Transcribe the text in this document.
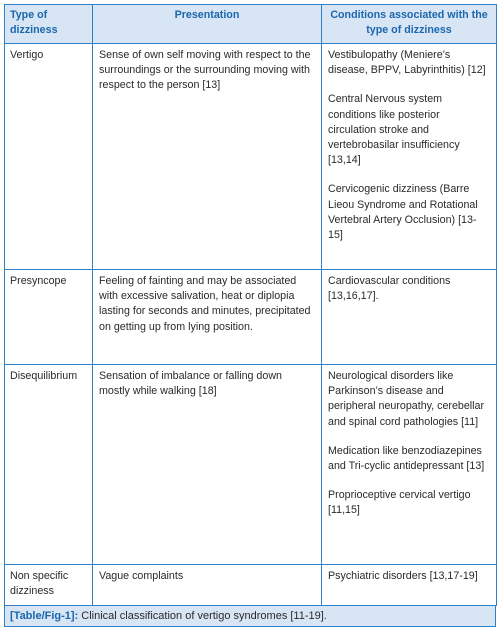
Type of dizziness	Presentation	Conditions associated with the type of dizziness
Vertigo	Sense of own self moving with respect to the surroundings or the surrounding moving with respect to the person [13]	Vestibulopathy (Meniere’s disease, BPPV, Labyrinthitis) [12]

Central Nervous system conditions like posterior circulation stroke and vertebrobasilar insufficiency [13,14]

Cervicogenic dizziness (Barre Lieou Syndrome and Rotational Vertebral Artery Occlusion) [13-15]

Presyncope	Feeling of fainting and may be associated with excessive salivation, heat or diplopia lasting for seconds and minutes, precipitated on getting up from lying position.	Cardiovascular conditions [13,16,17].

Disequilibrium	Sensation of imbalance or falling down mostly while walking [18]	Neurological disorders like Parkinson’s disease and peripheral neuropathy, cerebellar and spinal cord pathologies [11]

Medication like benzodiazepines and Tri-cyclic antidepressant [13]

Proprioceptive cervical vertigo [11,15]

Non specific dizziness	Vague complaints	Psychiatric disorders [13,17-19]

[Table/Fig-1]: Clinical classification of vertigo syndromes [11-19].
